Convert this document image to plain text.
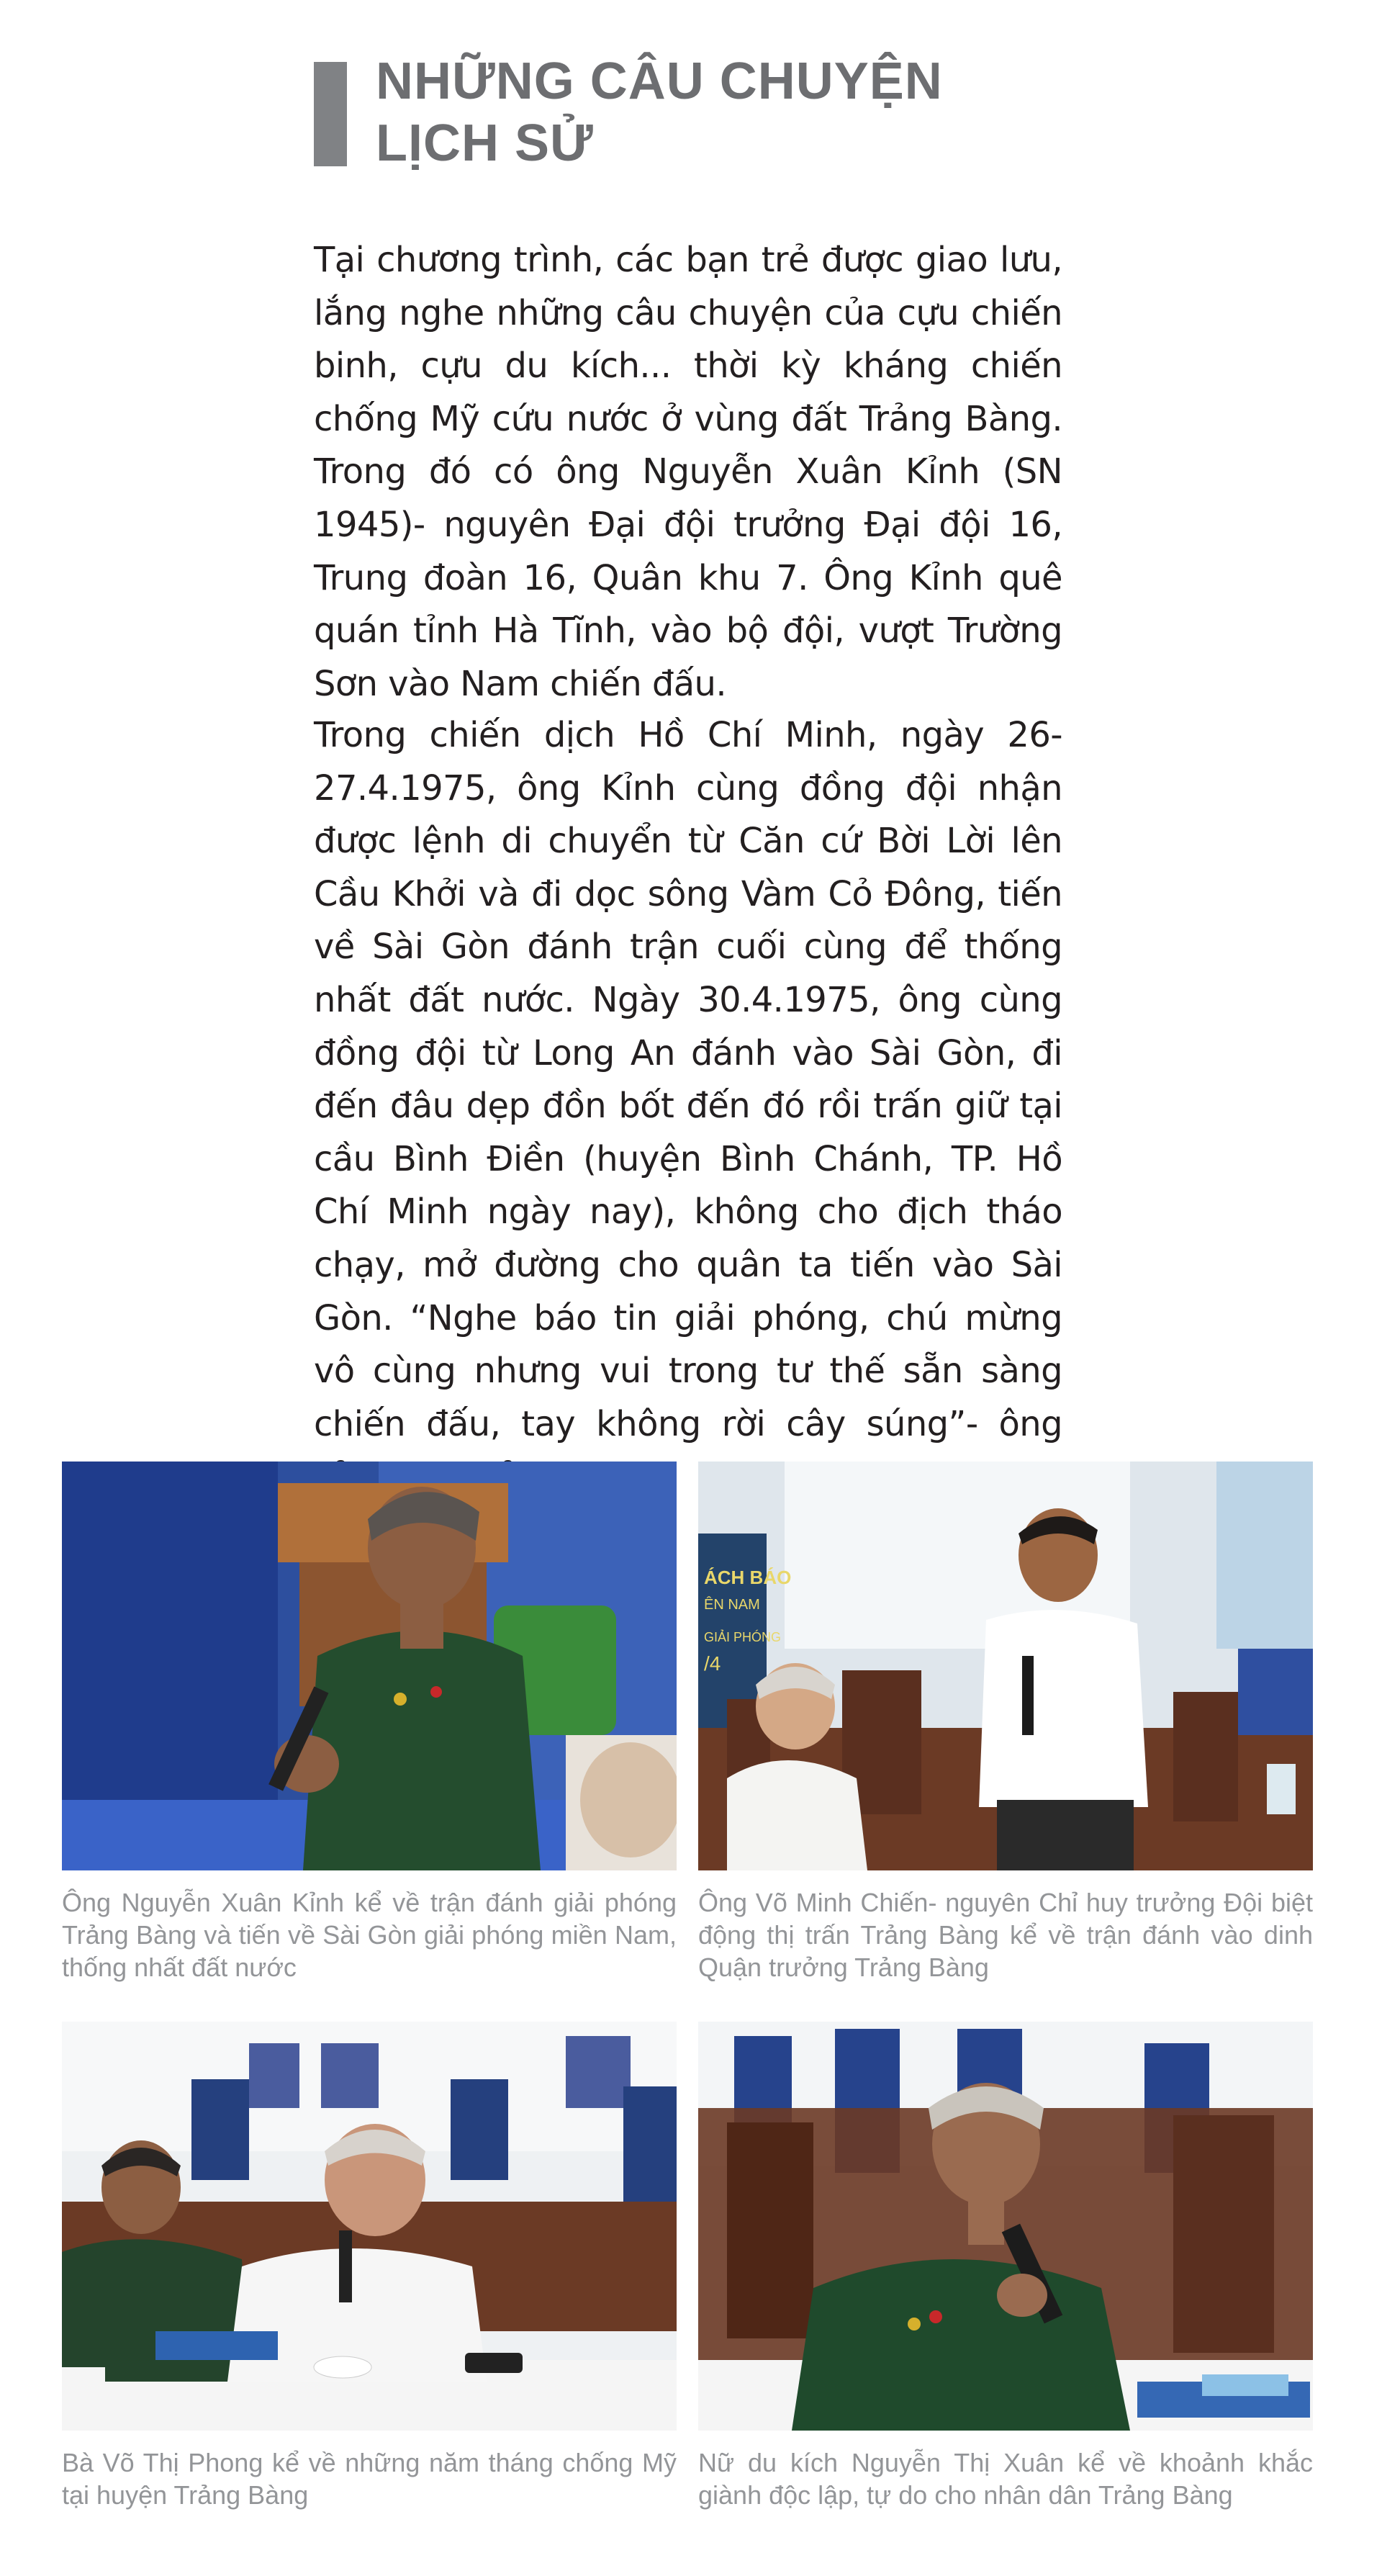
NHỮNG CÂU CHUYỆN
LỊCH SỬ

Tại chương trình, các bạn trẻ được giao lưu, lắng nghe những câu chuyện của cựu chiến binh, cựu du kích... thời kỳ kháng chiến chống Mỹ cứu nước ở vùng đất Trảng Bàng. Trong đó có ông Nguyễn Xuân Kỉnh (SN 1945)- nguyên Đại đội trưởng Đại đội 16, Trung đoàn 16, Quân khu 7. Ông Kỉnh quê quán tỉnh Hà Tĩnh, vào bộ đội, vượt Trường Sơn vào Nam chiến đấu.

Trong chiến dịch Hồ Chí Minh, ngày 26-27.4.1975, ông Kỉnh cùng đồng đội nhận được lệnh di chuyển từ Căn cứ Bời Lời lên Cầu Khởi và đi dọc sông Vàm Cỏ Đông, tiến về Sài Gòn đánh trận cuối cùng để thống nhất đất nước. Ngày 30.4.1975, ông cùng đồng đội từ Long An đánh vào Sài Gòn, đi đến đâu dẹp đồn bốt đến đó rồi trấn giữ tại cầu Bình Điền (huyện Bình Chánh, TP. Hồ Chí Minh ngày nay), không cho địch tháo chạy, mở đường cho quân ta tiến vào Sài Gòn. “Nghe báo tin giải phóng, chú mừng vô cùng nhưng vui trong tư thế sẵn sàng chiến đấu, tay không rời cây súng”- ông

ÁCH BÁO
ÊN NAM
GIẢI PHÓNG
/4

Ông Nguyễn Xuân Kỉnh kể về trận đánh giải phóng Trảng Bàng và tiến về Sài Gòn giải phóng miền Nam, thống nhất đất nước

Ông Võ Minh Chiến- nguyên Chỉ huy trưởng Đội biệt động thị trấn Trảng Bàng kể về trận đánh vào dinh Quận trưởng Trảng Bàng

Bà Võ Thị Phong kể về những năm tháng chống Mỹ tại huyện Trảng Bàng

Nữ du kích Nguyễn Thị Xuân kể về khoảnh khắc giành độc lập, tự do cho nhân dân Trảng Bàng
